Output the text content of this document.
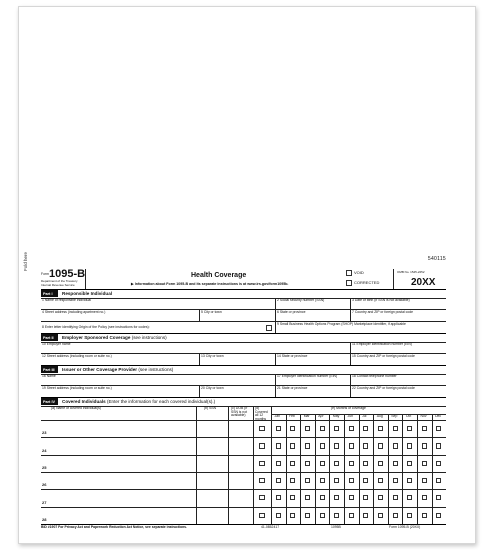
Fold here	540115
Form 1095-B
Department of the Treasury
Internal Revenue Service
Health Coverage
▶ Information about Form 1095-B and its separate instructions is at www.irs.gov/form1095b.
VOID
CORRECTED
OMB No. 1545-2252
20XX
Part I	Responsible Individual
1 Name of responsible individual	2 Social security number (SSN)	3 Date of birth (If SSN is not available)
4 Street address (including apartment no.)	5 City or town	6 State or province	7 Country and ZIP or foreign postal code
8 Enter letter identifying Origin of the Policy (see instructions for codes):
9 Small Business Health Options Program (SHOP) Marketplace identifier, if applicable
Part II	Employer Sponsored Coverage (see instructions)
10 Employer name	11 Employer identification number (EIN)
12 Street address (including room or suite no.)	13 City or town	14 State or province	15 Country and ZIP or foreign postal code
Part III	Issuer or Other Coverage Provider (see instructions)
16 Name	17 Employer identification number (EIN)	18 Contact telephone number
19 Street address (including room or suite no.)	20 City or town	21 State or province	22 Country and ZIP or foreign postal code
Part IV	Covered Individuals (Enter the information for each covered individual(s).)
(a) Name of covered individual(s)	(b) SSN	(c) DOB (If SSN is not available)
(d) Covered all 12 months
(e) Months of coverage
Jan	Feb	Mar	Apr	May Jun	Jul	Aug	Sep	Oct	Nov	Dec
23
24
25
26
27
28
BID #1907 For Privacy Act and Paperwork Reduction Act Notice, see separate instructions.	41-0852417	1095B	Form 1095-B (20XX)
